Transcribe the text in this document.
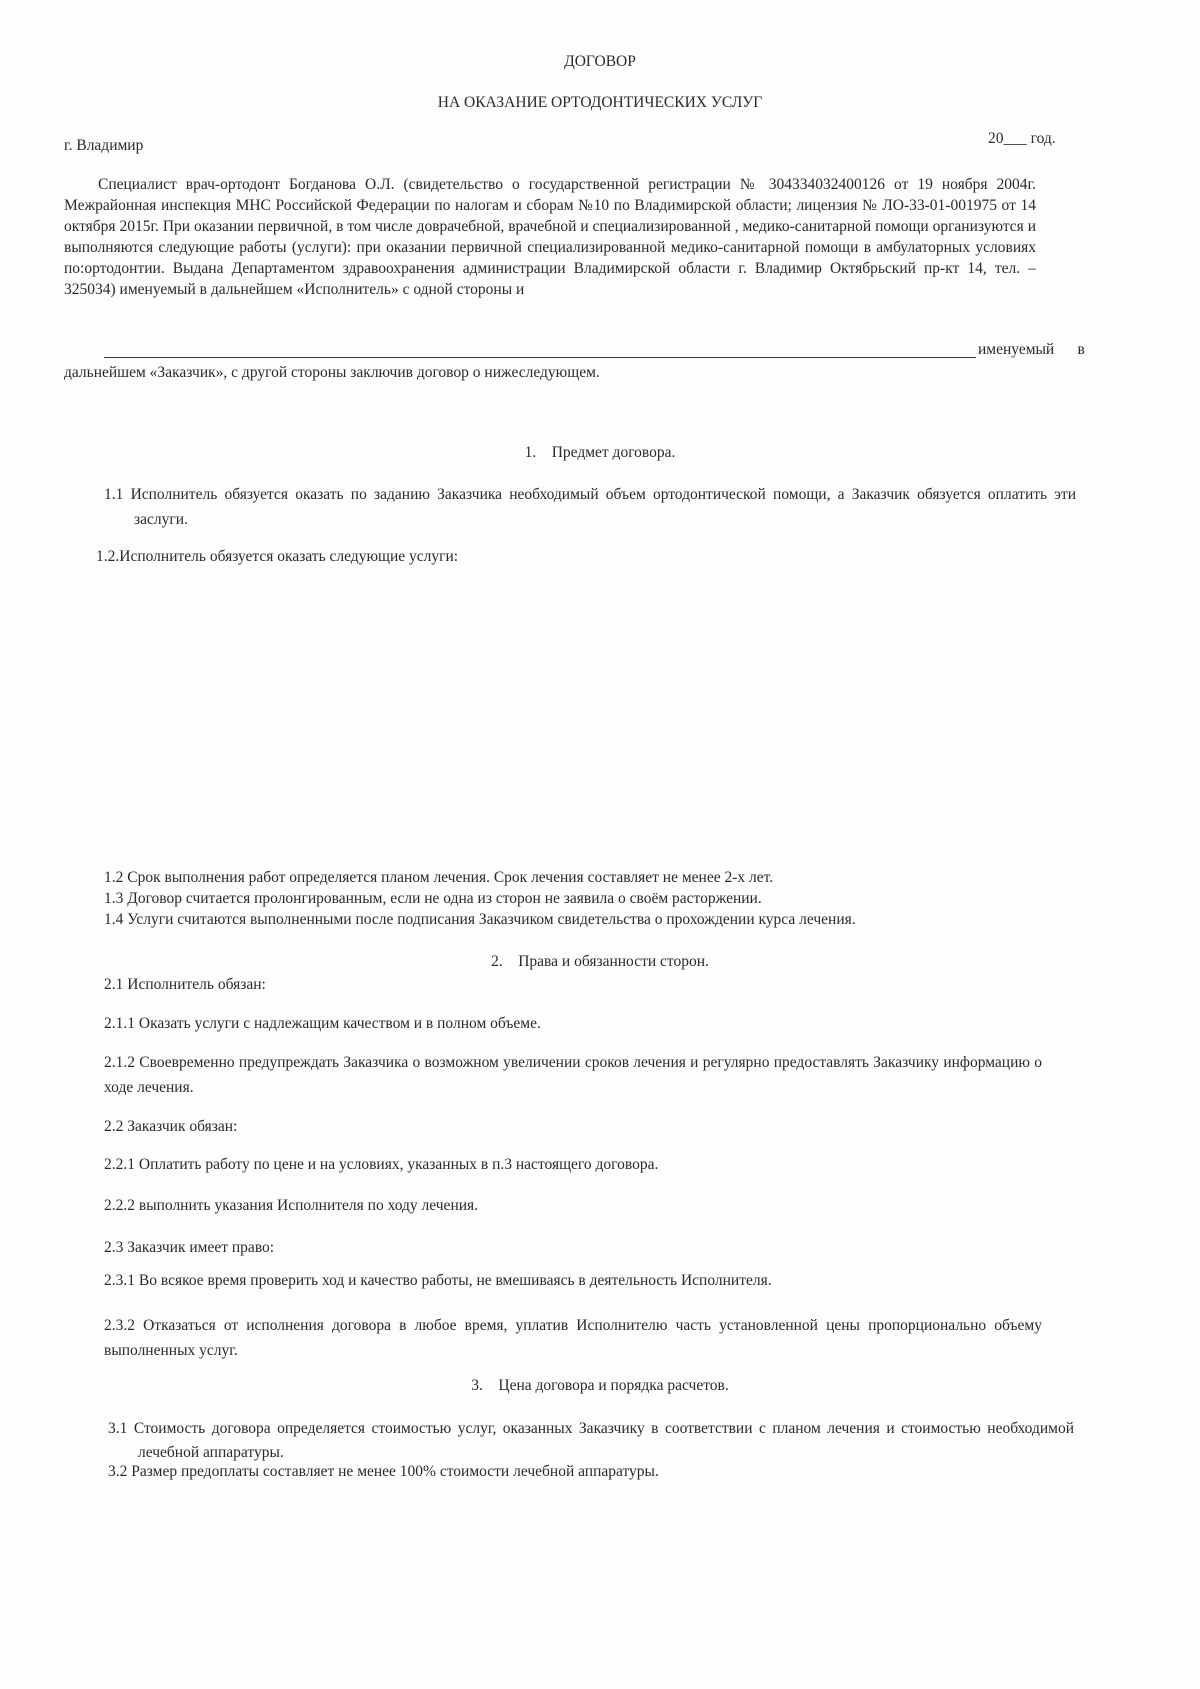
ДОГОВОР
НА ОКАЗАНИЕ ОРТОДОНТИЧЕСКИХ УСЛУГ
г. Владимир	20___ год.

Специалист врач-ортодонт Богданова О.Л. (свидетельство о государственной регистрации № 304334032400126 от 19 ноября 2004г. Межрайонная инспекция МНС Российской Федерации по налогам и сборам №10 по Владимирской области; лицензия № ЛО-33-01-001975 от 14 октября 2015г. При оказании первичной, в том числе доврачебной, врачебной и специализированной , медико-санитарной помощи организуются и выполняются следующие работы (услуги): при оказании первичной специализированной медико-санитарной помощи в амбулаторных условиях по:ортодонтии. Выдана Департаментом здравоохранения администрации Владимирской области г. Владимир Октябрьский пр-кт 14, тел. – 325034) именуемый в дальнейшем «Исполнитель» с одной стороны и

именуемый      в
дальнейшем «Заказчик», с другой стороны заключив договор о нижеследующем.
1.    Предмет договора.

1.1 Исполнитель обязуется оказать по заданию Заказчика необходимый объем ортодонтической помощи, а Заказчик обязуется оплатить эти заслуги.

1.2.Исполнитель обязуется оказать следующие услуги:

1.2 Срок выполнения работ определяется планом лечения. Срок лечения составляет не менее 2-х лет.

1.3 Договор считается пролонгированным, если не одна из сторон не заявила о своём расторжении.

1.4 Услуги считаются выполненными после подписания Заказчиком свидетельства о прохождении курса лечения.

2.    Права и обязанности сторон.
2.1 Исполнитель обязан:
2.1.1 Оказать услуги с надлежащим качеством и в полном объеме.

2.1.2 Своевременно предупреждать Заказчика о возможном увеличении сроков лечения и регулярно предоставлять Заказчику информацию о ходе лечения.

2.2 Заказчик обязан:
2.2.1 Оплатить работу по цене и на условиях, указанных в п.3 настоящего договора.
2.2.2 выполнить указания Исполнителя по ходу лечения.
2.3 Заказчик имеет право:
2.3.1 Во всякое время проверить ход и качество работы, не вмешиваясь в деятельность Исполнителя.

2.3.2 Отказаться от исполнения договора в любое время, уплатив Исполнителю часть установленной цены пропорционально объему выполненных услуг.

3.    Цена договора и порядка расчетов.

3.1 Стоимость договора определяется стоимостью услуг, оказанных Заказчику в соответствии с планом лечения и стоимостью необходимой лечебной аппаратуры.

3.2 Размер предоплаты составляет не менее 100% стоимости лечебной аппаратуры.
